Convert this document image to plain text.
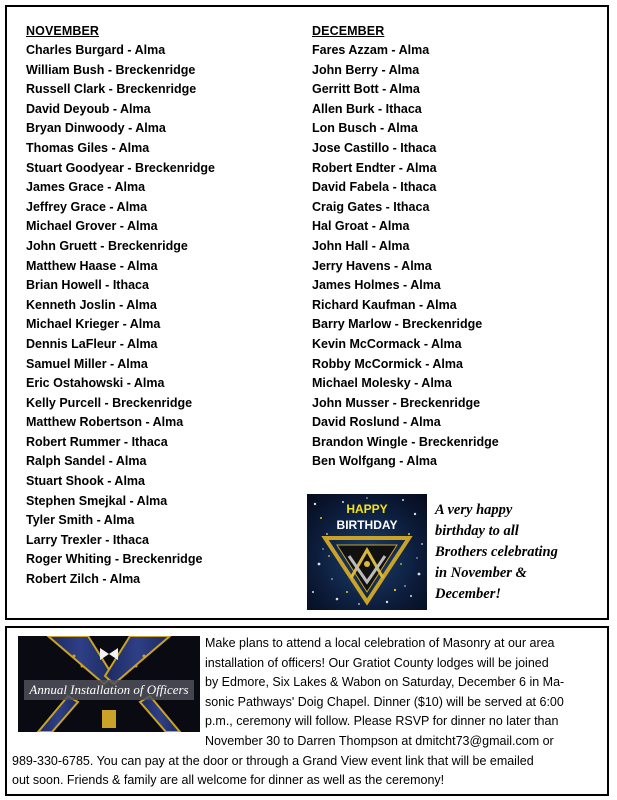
NOVEMBER
Charles Burgard - Alma
William Bush - Breckenridge
Russell Clark - Breckenridge
David Deyoub - Alma
Bryan Dinwoody - Alma
Thomas Giles - Alma
Stuart Goodyear - Breckenridge
James Grace - Alma
Jeffrey Grace - Alma
Michael Grover - Alma
John Gruett - Breckenridge
Matthew Haase - Alma
Brian Howell - Ithaca
Kenneth Joslin - Alma
Michael Krieger - Alma
Dennis LaFleur - Alma
Samuel Miller - Alma
Eric Ostahowski - Alma
Kelly Purcell - Breckenridge
Matthew Robertson - Alma
Robert Rummer - Ithaca
Ralph Sandel - Alma
Stuart Shook - Alma
Stephen Smejkal - Alma
Tyler Smith - Alma
Larry Trexler - Ithaca
Roger Whiting - Breckenridge
Robert Zilch - Alma
DECEMBER
Fares Azzam - Alma
John Berry - Alma
Gerritt Bott - Alma
Allen Burk - Ithaca
Lon Busch - Alma
Jose Castillo - Ithaca
Robert Endter - Alma
David Fabela - Ithaca
Craig Gates - Ithaca
Hal Groat - Alma
John Hall - Alma
Jerry Havens - Alma
James Holmes - Alma
Richard Kaufman - Alma
Barry Marlow - Breckenridge
Kevin McCormack - Alma
Robby McCormick - Alma
Michael Molesky - Alma
John Musser - Breckenridge
David Roslund - Alma
Brandon Wingle - Breckenridge
Ben Wolfgang - Alma
HAPPY
BIRTHDAY
A very happy
birthday to all
Brothers celebrating
in November &
December!
Annual Installation of Officers
Make plans to attend a local celebration of Masonry at our area
installation of officers! Our Gratiot County lodges will be joined
by Edmore, Six Lakes & Wabon on Saturday, December 6 in Ma-
sonic Pathways' Doig Chapel. Dinner ($10) will be served at 6:00
p.m., ceremony will follow. Please RSVP for dinner no later than
November 30 to Darren Thompson at dmitcht73@gmail.com or
989-330-6785. You can pay at the door or through a Grand View event link that will be emailed
out soon. Friends & family are all welcome for dinner as well as the ceremony!
